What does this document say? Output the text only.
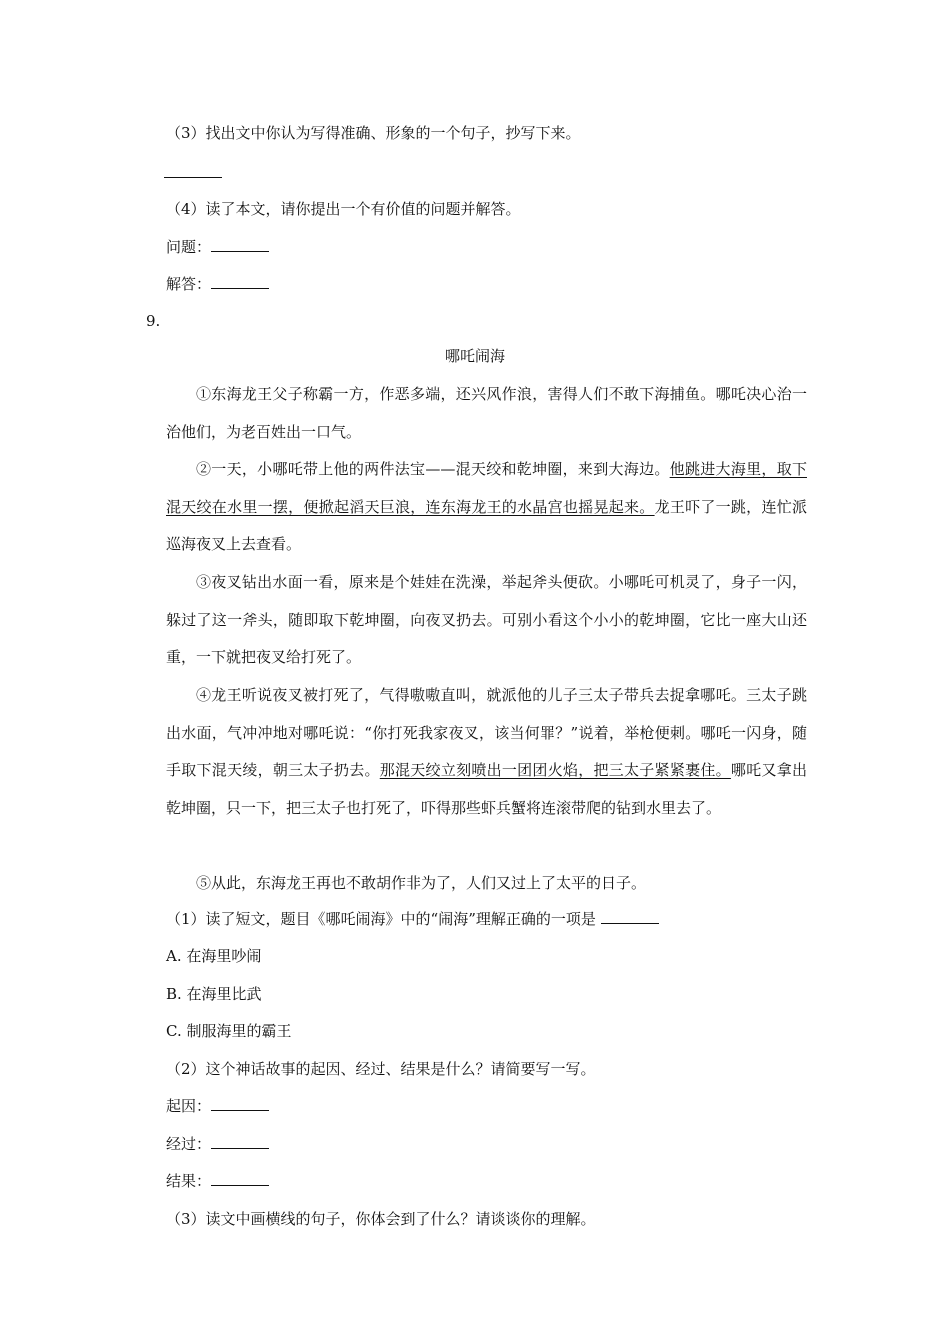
（3）找出文中你认为写得准确、形象的一个句子，抄写下来。
（4）读了本文，请你提出一个有价值的问题并解答。
问题：
解答：
9.
哪吒闹海
①东海龙王父子称霸一方，作恶多端，还兴风作浪，害得人们不敢下海捕鱼。哪吒决心治一治他们，为老百姓出一口气。
②一天，小哪吒带上他的两件法宝——混天绞和乾坤圈，来到大海边。他跳进大海里，取下混天绞在水里一摆，便掀起滔天巨浪，连东海龙王的水晶宫也摇晃起来。龙王吓了一跳，连忙派巡海夜叉上去查看。
③夜叉钻出水面一看，原来是个娃娃在洗澡，举起斧头便砍。小哪吒可机灵了，身子一闪，躲过了这一斧头，随即取下乾坤圈，向夜叉扔去。可别小看这个小小的乾坤圈，它比一座大山还重，一下就把夜叉给打死了。
④龙王听说夜叉被打死了，气得嗷嗷直叫，就派他的儿子三太子带兵去捉拿哪吒。三太子跳出水面，气冲冲地对哪吒说：“你打死我家夜叉，该当何罪？”说着，举枪便刺。哪吒一闪身，随手取下混天绫，朝三太子扔去。那混天绞立刻喷出一团团火焰，把三太子紧紧裹住。哪吒又拿出乾坤圈，只一下，把三太子也打死了，吓得那些虾兵蟹将连滚带爬的钻到水里去了。
⑤从此，东海龙王再也不敢胡作非为了，人们又过上了太平的日子。
（1）读了短文，题目《哪吒闹海》中的“闹海”理解正确的一项是
A. 在海里吵闹
B. 在海里比武
C. 制服海里的霸王
（2）这个神话故事的起因、经过、结果是什么？请简要写一写。
起因：
经过：
结果：
（3）读文中画横线的句子，你体会到了什么？请谈谈你的理解。
